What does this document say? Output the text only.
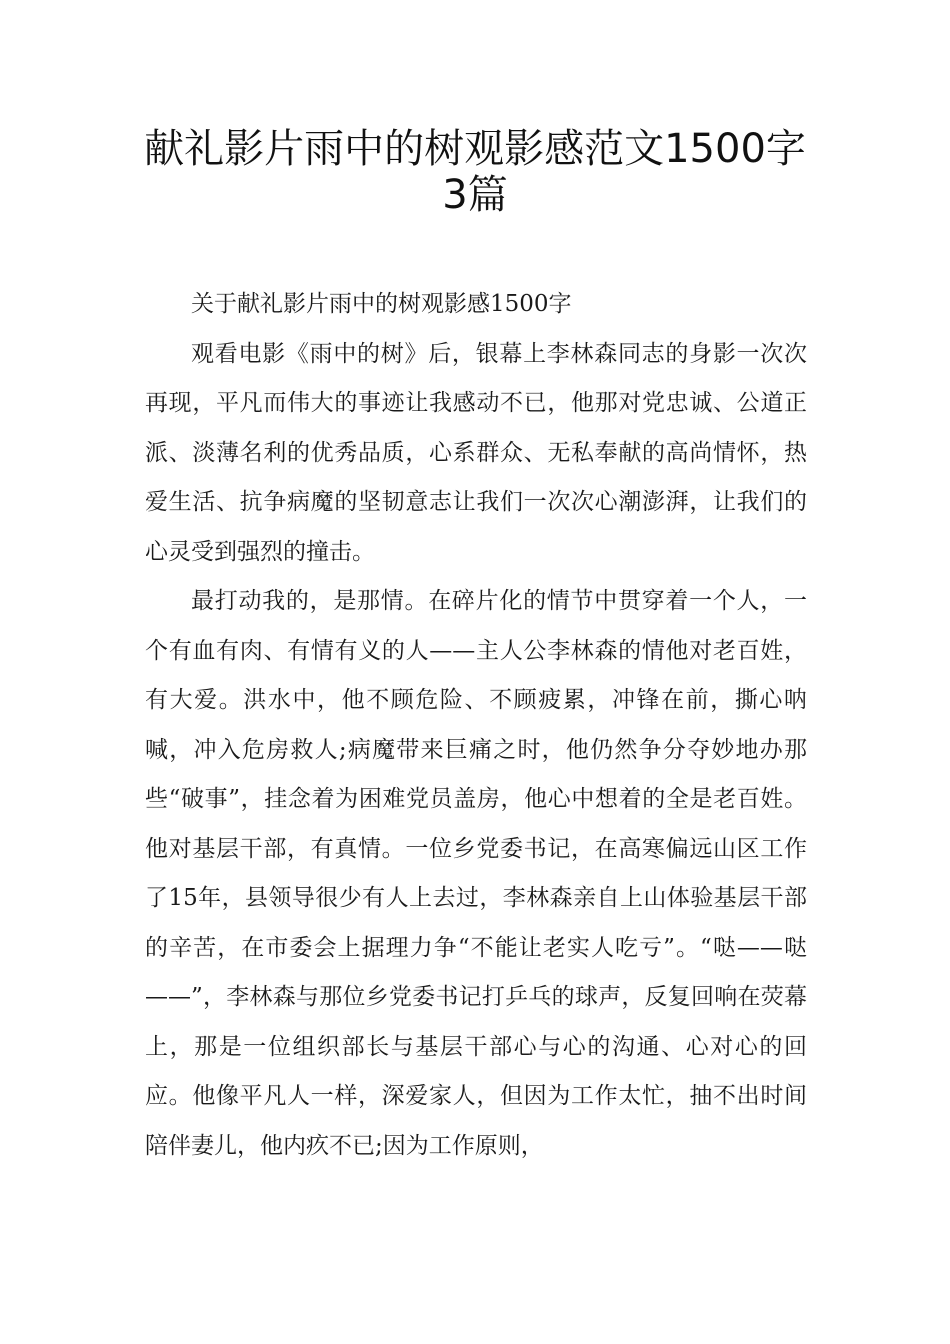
献礼影片雨中的树观影感范文1500字3篇

关于献礼影片雨中的树观影感1500字

观看电影《雨中的树》后，银幕上李林森同志的身影一次次再现，平凡而伟大的事迹让我感动不已，他那对党忠诚、公道正派、淡薄名利的优秀品质，心系群众、无私奉献的高尚情怀，热爱生活、抗争病魔的坚韧意志让我们一次次心潮澎湃，让我们的心灵受到强烈的撞击。

最打动我的，是那情。在碎片化的情节中贯穿着一个人，一个有血有肉、有情有义的人——主人公李林森的情他对老百姓，有大爱。洪水中，他不顾危险、不顾疲累，冲锋在前，撕心呐喊，冲入危房救人;病魔带来巨痛之时，他仍然争分夺妙地办那些“破事”，挂念着为困难党员盖房，他心中想着的全是老百姓。他对基层干部，有真情。一位乡党委书记，在高寒偏远山区工作了15年，县领导很少有人上去过，李林森亲自上山体验基层干部的辛苦，在市委会上据理力争“不能让老实人吃亏”。“哒——哒——”，李林森与那位乡党委书记打乒乓的球声，反复回响在荧幕上，那是一位组织部长与基层干部心与心的沟通、心对心的回应。他像平凡人一样，深爱家人，但因为工作太忙，抽不出时间陪伴妻儿，他内疚不已;因为工作原则，
